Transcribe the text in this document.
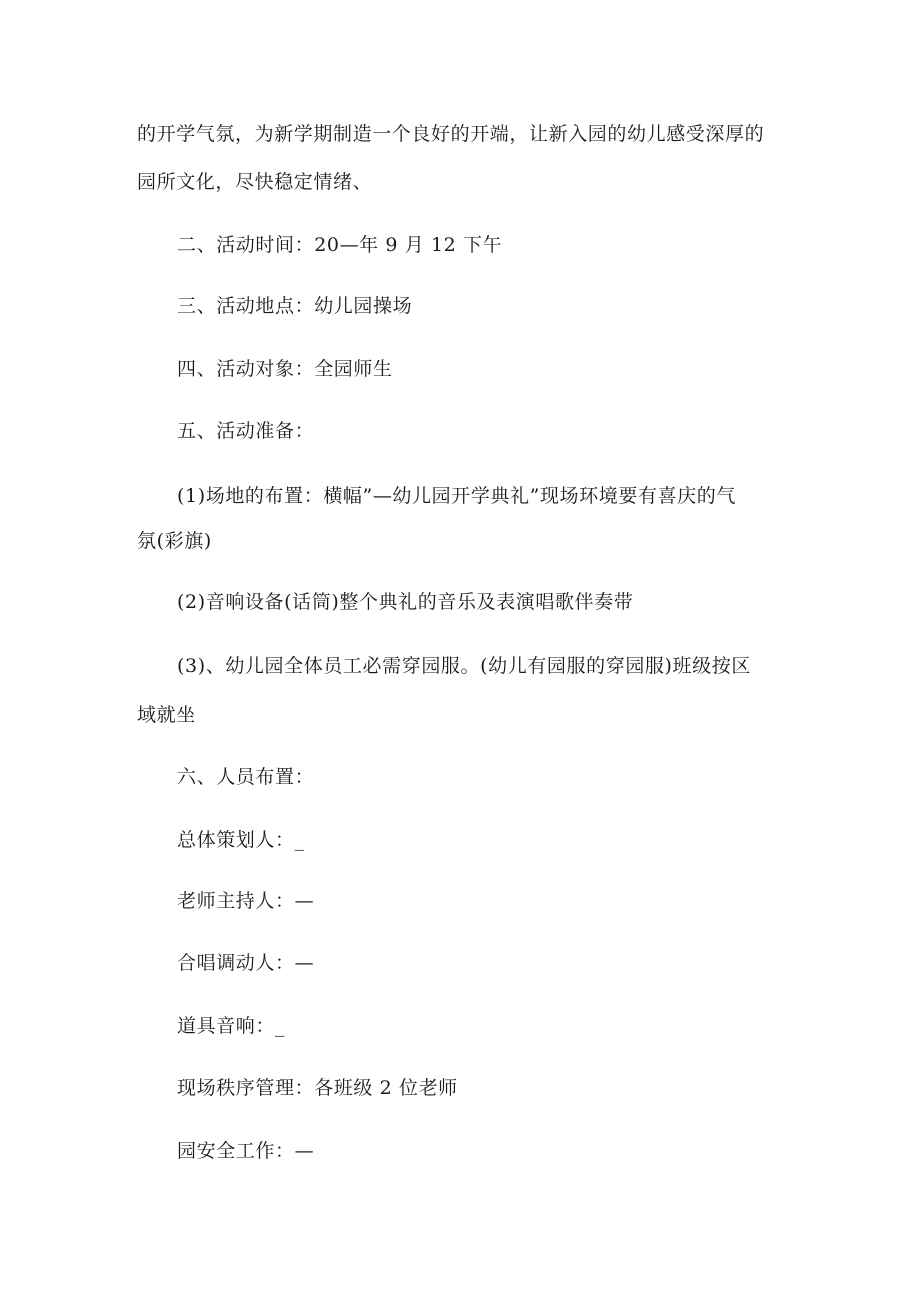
的开学气氛，为新学期制造一个良好的开端，让新入园的幼儿感受深厚的
园所文化，尽快稳定情绪、
二、活动时间：20—年 9 月 12 下午
三、活动地点：幼儿园操场
四、活动对象：全园师生
五、活动准备：
(1)场地的布置：横幅”—幼儿园开学典礼”现场环境要有喜庆的气
氛(彩旗)
(2)音响设备(话筒)整个典礼的音乐及表演唱歌伴奏带
(3)、幼儿园全体员工必需穿园服。(幼儿有园服的穿园服)班级按区
域就坐
六、人员布置：
总体策划人：_
老师主持人：—
合唱调动人：—
道具音响：_
现场秩序管理：各班级 2 位老师
园安全工作：—
